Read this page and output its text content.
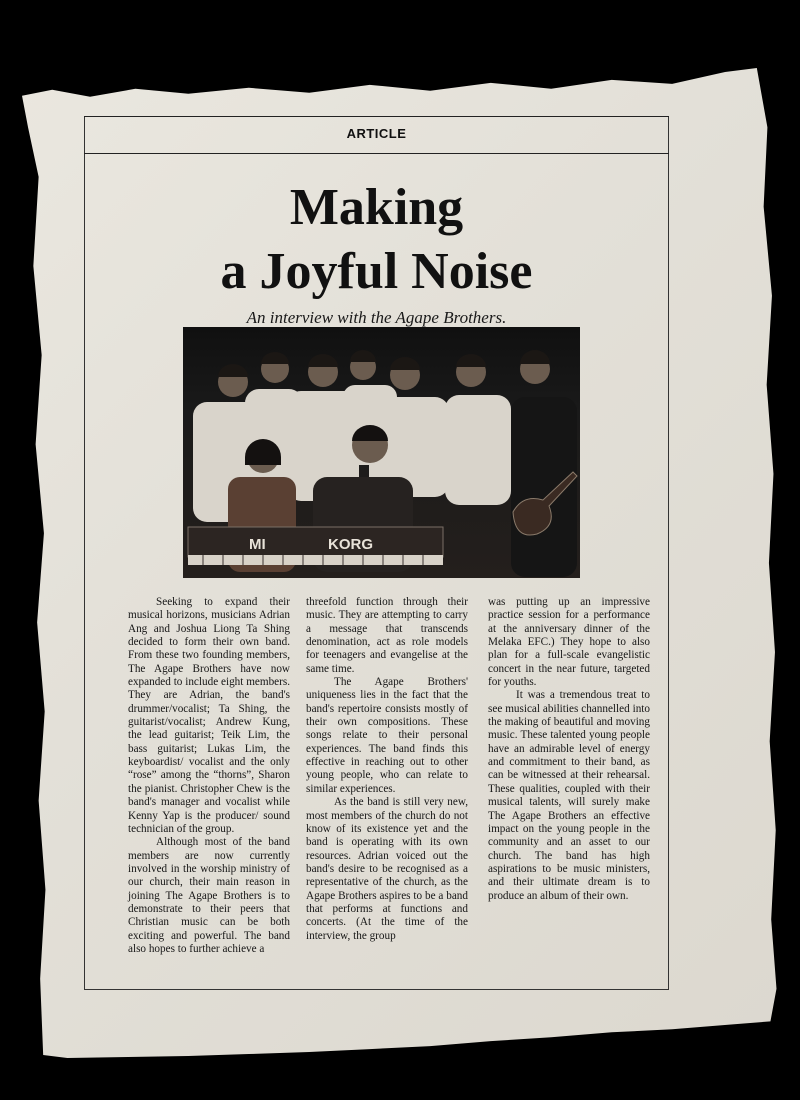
ARTICLE
Making
a Joyful Noise
An interview with the Agape Brothers.
MI	KORG

Seeking to expand their musical horizons, musicians Adrian Ang and Joshua Liong Ta Shing decided to form their own band. From these two founding members, The Agape Brothers have now expanded to include eight members. They are Adrian, the band's drummer/vocalist; Ta Shing, the guitarist/vocalist; Andrew Kung, the lead guitarist; Teik Lim, the bass guitarist; Lukas Lim, the keyboardist/ vocalist and the only “rose” among the “thorns”, Sharon the pianist. Christopher Chew is the band's manager and vocalist while Kenny Yap is the producer/ sound technician of the group.

Although most of the band members are now currently involved in the worship ministry of our church, their main reason in joining The Agape Brothers is to demonstrate to their peers that Christian music can be both exciting and powerful. The band also hopes to further achieve a

threefold function through their music. They are attempting to carry a message that transcends denomination, act as role models for teenagers and evangelise at the same time.

The Agape Brothers' uniqueness lies in the fact that the band's repertoire consists mostly of their own compositions. These songs relate to their personal experiences. The band finds this effective in reaching out to other young people, who can relate to similar experiences.

As the band is still very new, most members of the church do not know of its existence yet and the band is operating with its own resources. Adrian voiced out the band's desire to be recognised as a representative of the church, as the Agape Brothers aspires to be a band that performs at functions and concerts. (At the time of the interview, the group

was putting up an impressive practice session for a performance at the anniversary dinner of the Melaka EFC.) They hope to also plan for a full-scale evangelistic concert in the near future, targeted for youths.

It was a tremendous treat to see musical abilities channelled into the making of beautiful and moving music. These talented young people have an admirable level of energy and commitment to their band, as can be witnessed at their rehearsal. These qualities, coupled with their musical talents, will surely make The Agape Brothers an effective impact on the young people in the community and an asset to our church. The band has high aspirations to be music ministers, and their ultimate dream is to produce an album of their own.
